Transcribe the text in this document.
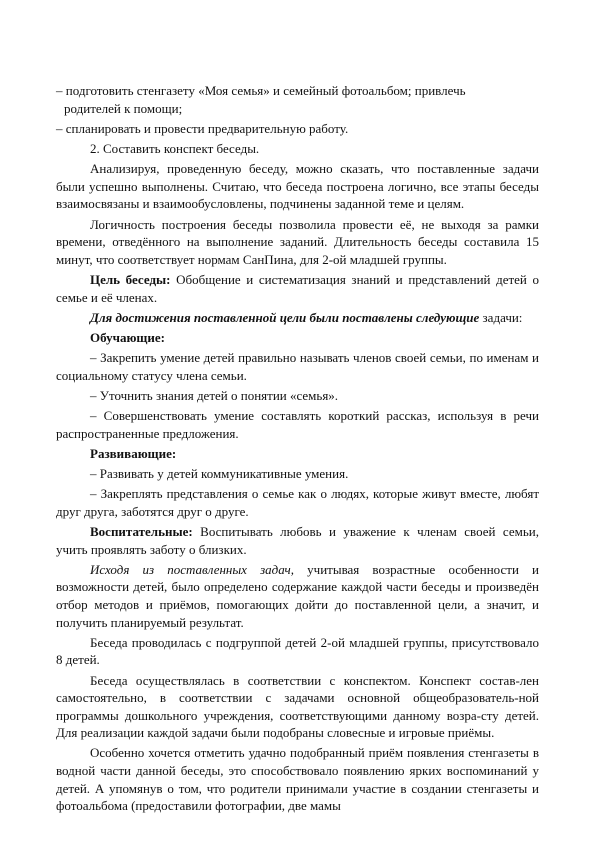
– подготовить стенгазету «Моя семья» и семейный фотоальбом; привлечь
родителей к помощи;

– спланировать и провести предварительную работу.

2. Составить конспект беседы.

Анализируя, проведенную беседу, можно сказать, что поставленные задачи были успешно выполнены. Считаю, что беседа построена логично, все этапы беседы взаимосвязаны и взаимообусловлены, подчинены заданной теме и целям.

Логичность построения беседы позволила провести её, не выходя за рамки времени, отведённого на выполнение заданий. Длительность беседы составила 15 минут, что соответствует нормам СанПина, для 2-ой младшей группы.

Цель беседы: Обобщение и систематизация знаний и представлений детей о семье и её членах.

Для достижения поставленной цели были поставлены следующие задачи:

Обучающие:

– Закрепить умение детей правильно называть членов своей семьи, по именам и социальному статусу члена семьи.

– Уточнить знания детей о понятии «семья».

– Совершенствовать умение составлять короткий рассказ, используя в речи распространенные предложения.

Развивающие:

– Развивать у детей коммуникативные умения.

– Закреплять представления о семье как о людях, которые живут вместе, любят друг друга, заботятся друг о друге.

Воспитательные: Воспитывать любовь и уважение к членам своей семьи, учить проявлять заботу о близких.

Исходя из поставленных задач, учитывая возрастные особенности и возможности детей, было определено содержание каждой части беседы и произведён отбор методов и приёмов, помогающих дойти до поставленной цели, а значит, и получить планируемый результат.

Беседа проводилась с подгруппой детей 2-ой младшей группы, присутствовало 8 детей.

Беседа осуществлялась в соответствии с конспектом. Конспект состав-лен самостоятельно, в соответствии с задачами основной общеобразователь-ной программы дошкольного учреждения, соответствующими данному возра-сту детей. Для реализации каждой задачи были подобраны словесные и игровые приёмы.

Особенно хочется отметить удачно подобранный приём появления стенгазеты в водной части данной беседы, это способствовало появлению ярких воспоминаний у детей. А упомянув о том, что родители принимали участие в создании стенгазеты и фотоальбома (предоставили фотографии, две мамы
